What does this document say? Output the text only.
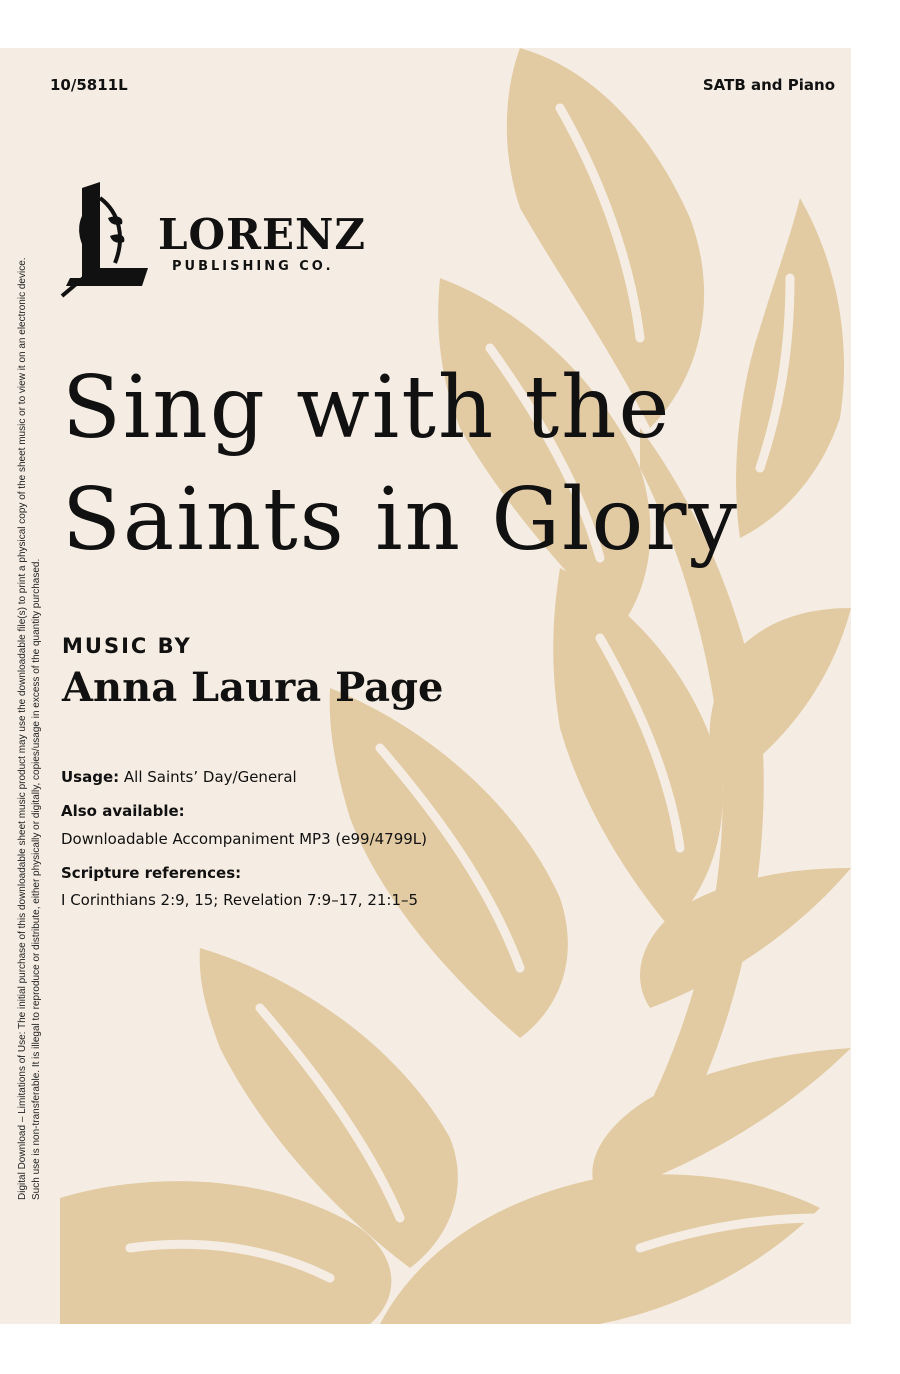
10/5811L	SATB and Piano
LORENZ
PUBLISHING CO.
Sing with the
Saints in Glory
MUSIC BY
Anna Laura Page
Usage: All Saints’ Day/General
Also available:
Downloadable Accompaniment MP3 (e99/4799L)
Scripture references:
I Corinthians 2:9, 15; Revelation 7:9–17, 21:1–5
Digital Download – Limitations of Use: The initial purchase of this downloadable sheet music product may use the downloadable file(s) to print a physical copy of the sheet music or to view it on an electronic device. Such use is non-transferable. It is illegal to reproduce or distribute, either physically or digitally, copies/usage in excess of the quantity purchased.
